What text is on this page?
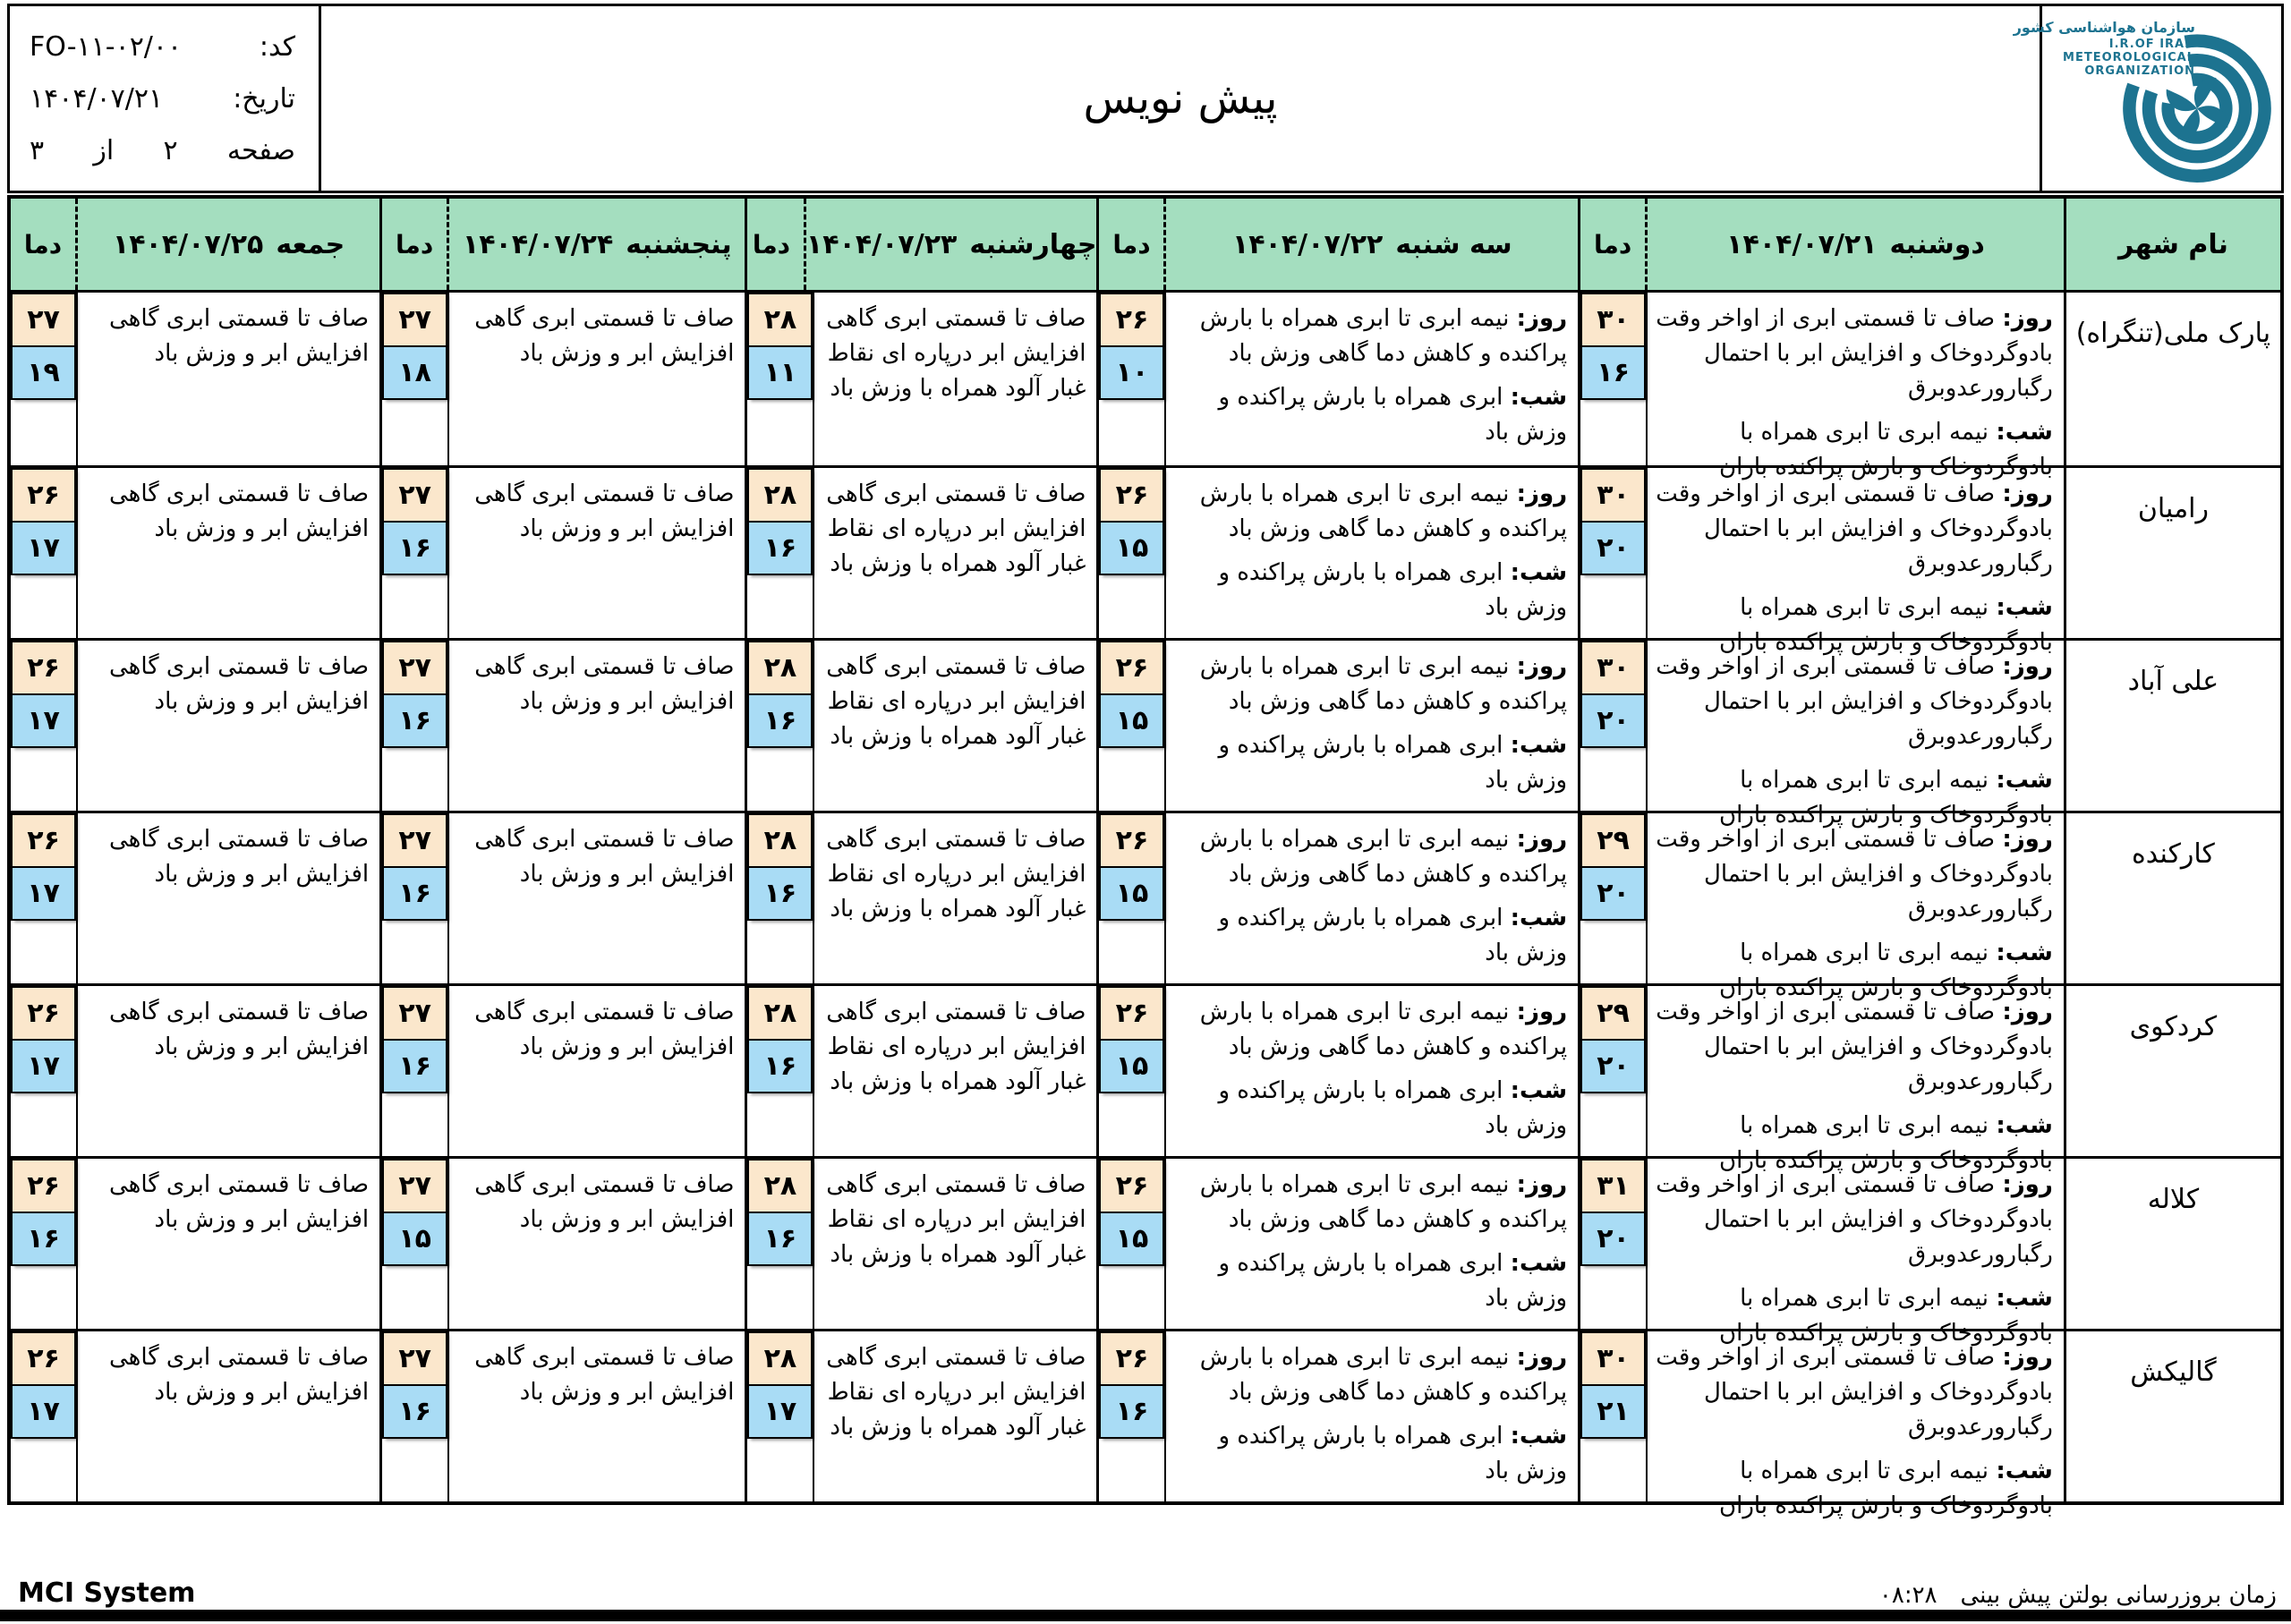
کد:
FO-۱۱-۰۲/۰۰
تاریخ:
۱۴۰۴/۰۷/۲۱
صفحه
۲
از
۳
پیش نویس
سازمان هواشناسی کشور
I.R.OF IRAN
METEOROLOGICAL
ORGANIZATION
نام شهر
دوشنبه
۱۴۰۴/۰۷/۲۱
دما
سه شنبه
۱۴۰۴/۰۷/۲۲
دما
چهارشنبه
۱۴۰۴/۰۷/۲۳
دما
پنجشنبه
۱۴۰۴/۰۷/۲۴
دما
جمعه
۱۴۰۴/۰۷/۲۵
دما
پارک ملی(تنگراه)

روز: صاف تا قسمتی ابری از اواخر وقت بادوگردوخاک و افزایش ابر با احتمال رگبارورعدوبرق

شب: نیمه ابری تا ابری همراه با بادوگردوخاک و بارش پراکنده باران

۳۰
۱۶

روز: نیمه ابری تا ابری همراه با بارش پراکنده و کاهش دما گاهی وزش باد

شب: ابری همراه با بارش پراکنده و وزش باد

۲۶
۱۰

صاف تا قسمتی ابری گاهی افزایش ابر درپاره ای نقاط غبار آلود همراه با وزش باد

۲۸
۱۱

صاف تا قسمتی ابری گاهی افزایش ابر و وزش باد

۲۷
۱۸

صاف تا قسمتی ابری گاهی افزایش ابر و وزش باد

۲۷
۱۹
رامیان

روز: صاف تا قسمتی ابری از اواخر وقت بادوگردوخاک و افزایش ابر با احتمال رگبارورعدوبرق

شب: نیمه ابری تا ابری همراه با بادوگردوخاک و بارش پراکنده باران

۳۰
۲۰

روز: نیمه ابری تا ابری همراه با بارش پراکنده و کاهش دما گاهی وزش باد

شب: ابری همراه با بارش پراکنده و وزش باد

۲۶
۱۵

صاف تا قسمتی ابری گاهی افزایش ابر درپاره ای نقاط غبار آلود همراه با وزش باد

۲۸
۱۶

صاف تا قسمتی ابری گاهی افزایش ابر و وزش باد

۲۷
۱۶

صاف تا قسمتی ابری گاهی افزایش ابر و وزش باد

۲۶
۱۷
علی آباد

روز: صاف تا قسمتی ابری از اواخر وقت بادوگردوخاک و افزایش ابر با احتمال رگبارورعدوبرق

شب: نیمه ابری تا ابری همراه با بادوگردوخاک و بارش پراکنده باران

۳۰
۲۰

روز: نیمه ابری تا ابری همراه با بارش پراکنده و کاهش دما گاهی وزش باد

شب: ابری همراه با بارش پراکنده و وزش باد

۲۶
۱۵

صاف تا قسمتی ابری گاهی افزایش ابر درپاره ای نقاط غبار آلود همراه با وزش باد

۲۸
۱۶

صاف تا قسمتی ابری گاهی افزایش ابر و وزش باد

۲۷
۱۶

صاف تا قسمتی ابری گاهی افزایش ابر و وزش باد

۲۶
۱۷
کارکنده

روز: صاف تا قسمتی ابری از اواخر وقت بادوگردوخاک و افزایش ابر با احتمال رگبارورعدوبرق

شب: نیمه ابری تا ابری همراه با بادوگردوخاک و بارش پراکنده باران

۲۹
۲۰

روز: نیمه ابری تا ابری همراه با بارش پراکنده و کاهش دما گاهی وزش باد

شب: ابری همراه با بارش پراکنده و وزش باد

۲۶
۱۵

صاف تا قسمتی ابری گاهی افزایش ابر درپاره ای نقاط غبار آلود همراه با وزش باد

۲۸
۱۶

صاف تا قسمتی ابری گاهی افزایش ابر و وزش باد

۲۷
۱۶

صاف تا قسمتی ابری گاهی افزایش ابر و وزش باد

۲۶
۱۷
کردکوی

روز: صاف تا قسمتی ابری از اواخر وقت بادوگردوخاک و افزایش ابر با احتمال رگبارورعدوبرق

شب: نیمه ابری تا ابری همراه با بادوگردوخاک و بارش پراکنده باران

۲۹
۲۰

روز: نیمه ابری تا ابری همراه با بارش پراکنده و کاهش دما گاهی وزش باد

شب: ابری همراه با بارش پراکنده و وزش باد

۲۶
۱۵

صاف تا قسمتی ابری گاهی افزایش ابر درپاره ای نقاط غبار آلود همراه با وزش باد

۲۸
۱۶

صاف تا قسمتی ابری گاهی افزایش ابر و وزش باد

۲۷
۱۶

صاف تا قسمتی ابری گاهی افزایش ابر و وزش باد

۲۶
۱۷
کلاله

روز: صاف تا قسمتی ابری از اواخر وقت بادوگردوخاک و افزایش ابر با احتمال رگبارورعدوبرق

شب: نیمه ابری تا ابری همراه با بادوگردوخاک و بارش پراکنده باران

۳۱
۲۰

روز: نیمه ابری تا ابری همراه با بارش پراکنده و کاهش دما گاهی وزش باد

شب: ابری همراه با بارش پراکنده و وزش باد

۲۶
۱۵

صاف تا قسمتی ابری گاهی افزایش ابر درپاره ای نقاط غبار آلود همراه با وزش باد

۲۸
۱۶

صاف تا قسمتی ابری گاهی افزایش ابر و وزش باد

۲۷
۱۵

صاف تا قسمتی ابری گاهی افزایش ابر و وزش باد

۲۶
۱۶
گالیکش

روز: صاف تا قسمتی ابری از اواخر وقت بادوگردوخاک و افزایش ابر با احتمال رگبارورعدوبرق

شب: نیمه ابری تا ابری همراه با بادوگردوخاک و بارش پراکنده باران

۳۰
۲۱

روز: نیمه ابری تا ابری همراه با بارش پراکنده و کاهش دما گاهی وزش باد

شب: ابری همراه با بارش پراکنده و وزش باد

۲۶
۱۶

صاف تا قسمتی ابری گاهی افزایش ابر درپاره ای نقاط غبار آلود همراه با وزش باد

۲۸
۱۷

صاف تا قسمتی ابری گاهی افزایش ابر و وزش باد

۲۷
۱۶

صاف تا قسمتی ابری گاهی افزایش ابر و وزش باد

۲۶
۱۷
MCI System	زمان بروزرسانی بولتن پیش بینی
۰۸:۲۸
